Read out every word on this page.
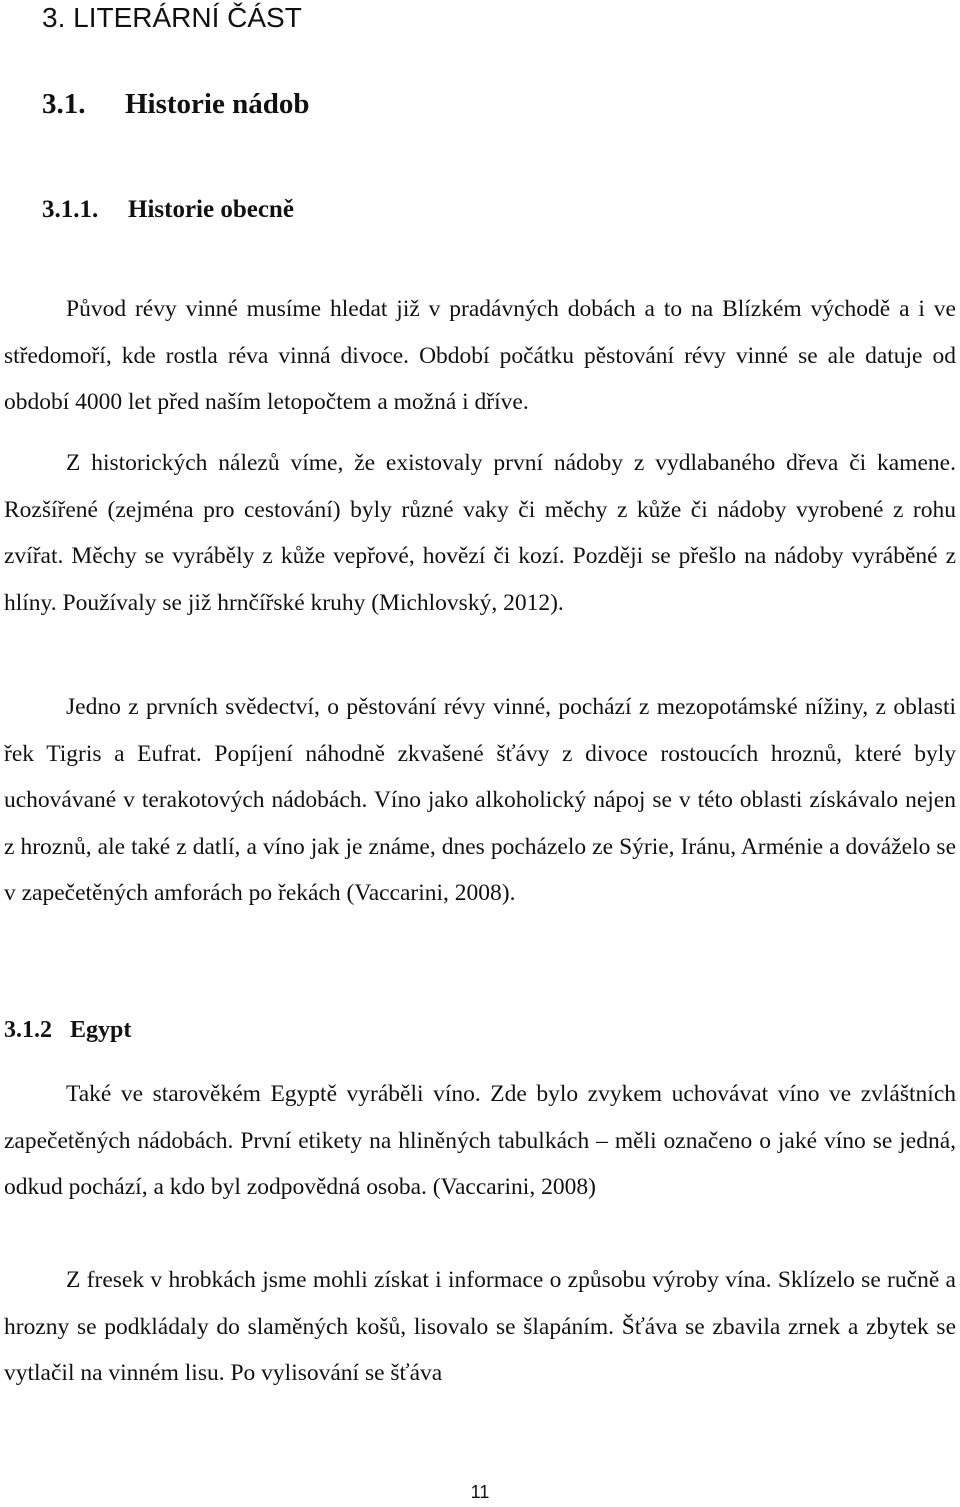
3. LITERÁRNÍ ČÁST
3.1. Historie nádob
3.1.1. Historie obecně

Původ révy vinné musíme hledat již v pradávných dobách a to na Blízkém východě a i ve středomoří, kde rostla réva vinná divoce. Období počátku pěstování révy vinné se ale datuje od období 4000 let před naším letopočtem a možná i dříve.

Z historických nálezů víme, že existovaly první nádoby z vydlabaného dřeva či kamene. Rozšířené (zejména pro cestování) byly různé vaky či měchy z kůže či nádoby vyrobené z rohu zvířat. Měchy se vyráběly z kůže vepřové, hovězí či kozí. Později se přešlo na nádoby vyráběné z hlíny. Používaly se již hrnčířské kruhy (Michlovský, 2012).

Jedno z prvních svědectví, o pěstování révy vinné, pochází z mezopotámské nížiny, z oblasti řek Tigris a Eufrat. Popíjení náhodně zkvašené šťávy z divoce rostoucích hroznů, které byly uchovávané v terakotových nádobách. Víno jako alkoholický nápoj se v této oblasti získávalo nejen z hroznů, ale také z datlí, a víno jak je známe, dnes pocházelo ze Sýrie, Iránu, Arménie a dováželo se v zapečetěných amforách po řekách (Vaccarini, 2008).

3.1.2 Egypt

Také ve starověkém Egyptě vyráběli víno. Zde bylo zvykem uchovávat víno ve zvláštních zapečetěných nádobách. První etikety na hliněných tabulkách – měli označeno o jaké víno se jedná, odkud pochází, a kdo byl zodpovědná osoba. (Vaccarini, 2008)

Z fresek v hrobkách jsme mohli získat i informace o způsobu výroby vína. Sklízelo se ručně a hrozny se podkládaly do slaměných košů, lisovalo se šlapáním. Šťáva se zbavila zrnek a zbytek se vytlačil na vinném lisu. Po vylisování se šťáva

11
